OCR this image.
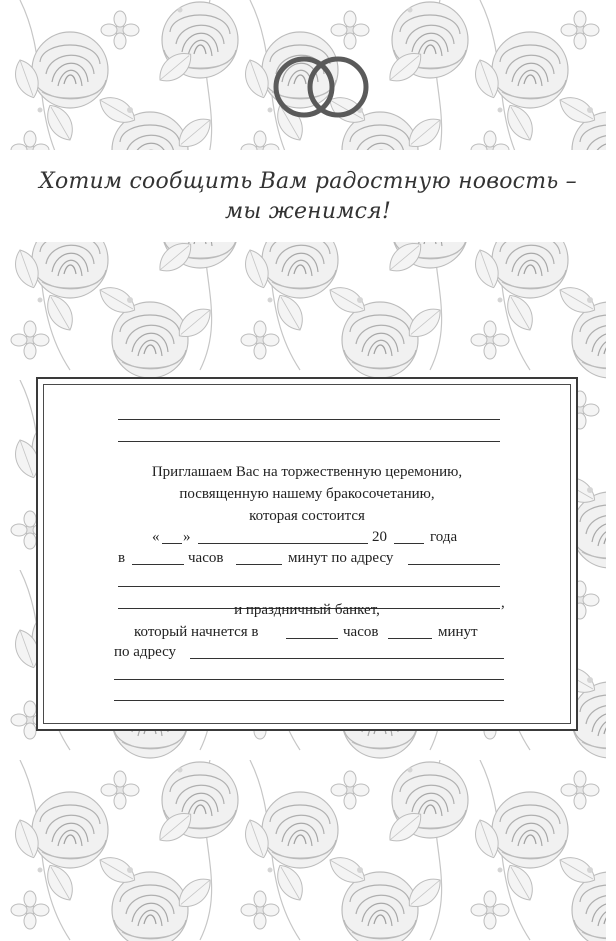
Хотим сообщить Вам радостную новость –
мы женимся!
Приглашаем Вас на торжественную церемонию,
посвященную нашему бракосочетанию,
которая состоится
« »	20	года
в	часов	минут по адресу
,
и праздничный банкет,
который начнется в	часов	минут
по адресу
